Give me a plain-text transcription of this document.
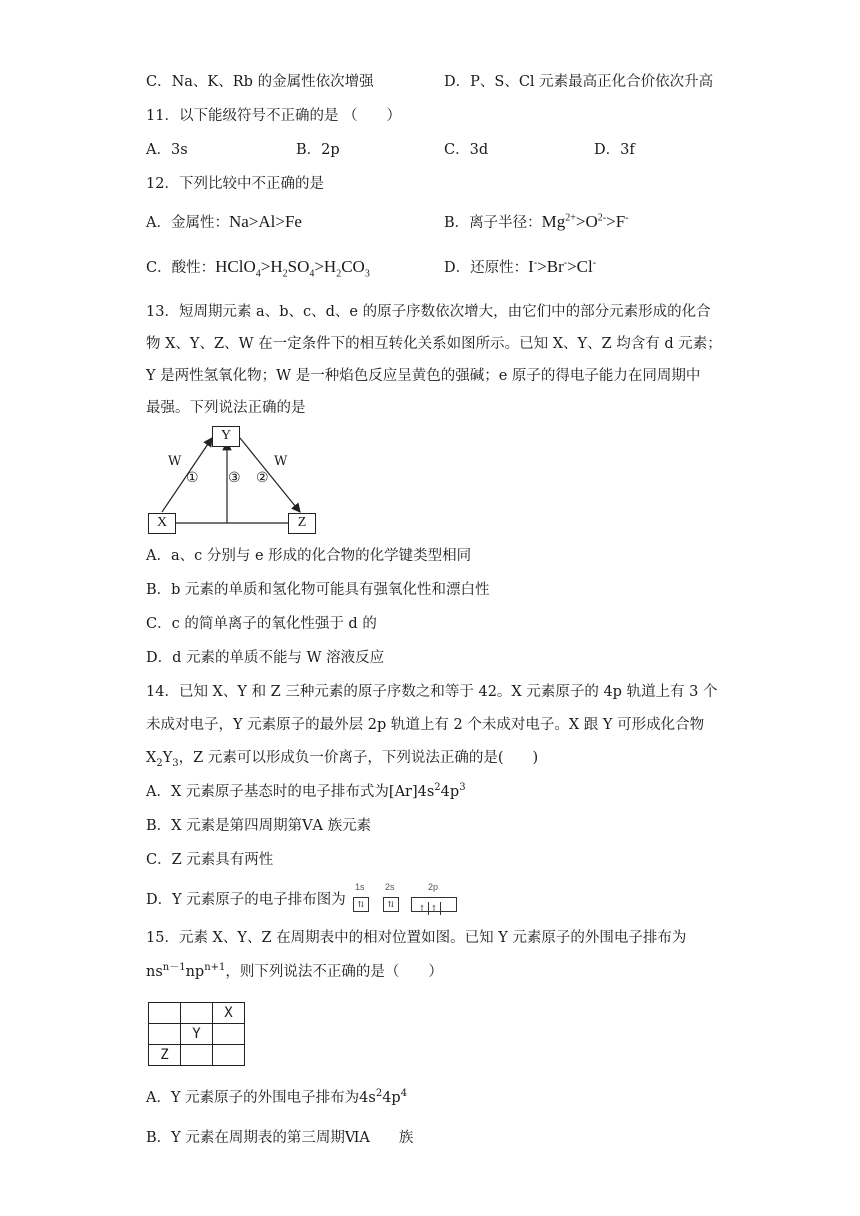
C．Na、K、Rb 的金属性依次增强	D．P、S、Cl 元素最高正化合价依次升高
11．以下能级符号不正确的是 （　　）
A．3s	B．2p	C．3d	D．3f
12．下列比较中不正确的是
A．金属性：Na>Al>Fe	B．离子半径：$Mg^{2+}>O^{2-}>F^-$
C．酸性：$HClO_4>H_2SO_4>H_2CO_3$	D．还原性：I->Br->Cl-
13．短周期元素 a、b、c、d、e 的原子序数依次增大，由它们中的部分元素形成的化合
物 X、Y、Z、W 在一定条件下的相互转化关系如图所示。已知 X、Y、Z 均含有 d 元素；
Y 是两性氢氧化物；W 是一种焰色反应呈黄色的强碱；e 原子的得电子能力在同周期中
最强。下列说法正确的是
Y
X	Z
W
① ③ ②
W
A．a、c 分别与 e 形成的化合物的化学键类型相同
B．b 元素的单质和氢化物可能具有强氧化性和漂白性
C．c 的简单离子的氧化性强于 d 的
D．d 元素的单质不能与 W 溶液反应
14．已知 X、Y 和 Z 三种元素的原子序数之和等于 42。X 元素原子的 4p 轨道上有 3 个
未成对电子，Y 元素原子的最外层 2p 轨道上有 2 个未成对电子。X 跟 Y 可形成化合物
$X_2Y_3$，Z 元素可以形成负一价离子，下列说法正确的是(　　)
A．X 元素原子基态时的电子排布式为$[Ar]4s^24p^3$
B．X 元素是第四周期第ⅤA 族元素
C．Z 元素具有两性
D．Y 元素原子的电子排布图为
1s 2s	2p
⇅	⇅	↑ ↑
15．元素 X、Y、Z 在周期表中的相对位置如图。已知 Y 元素原子的外围电子排布为
$ns^{n-1}np^{n+1}$，则下列说法不正确的是（　　）
		X
	Y	
Z		
A．Y 元素原子的外围电子排布为$4s^24p^4$
B．Y 元素在周期表的第三周期ⅥA　　族
